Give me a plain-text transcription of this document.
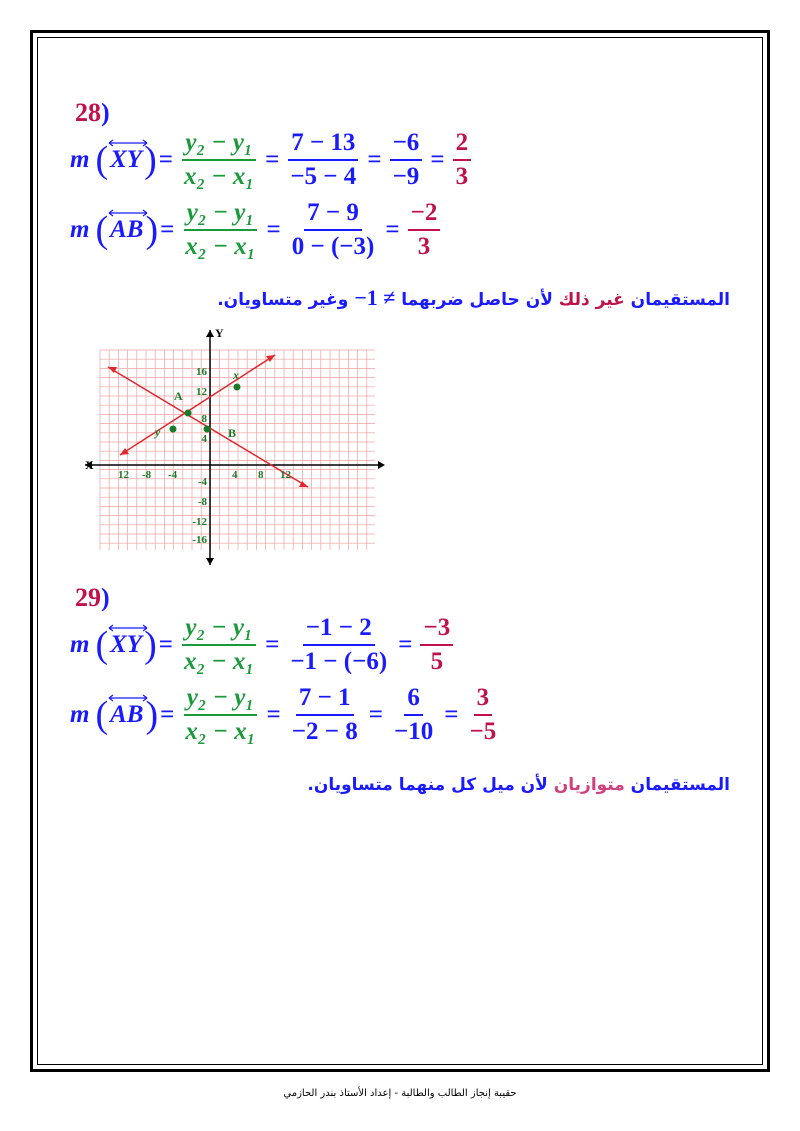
28)
m ( XY ) = $\frac{\text{y₂ − y₁}}{\text{x₂ − x₁}} = \frac{7 - 13}{-5 - 4} = \frac{-6}{-9} = \frac{2}{3}$
m ( AB ) = $\frac{\text{y₂ − y₁}}{\text{x₂ − x₁}} = \frac{7 - 9}{0 - (-3)} = \frac{-2}{3}$
المستقيمان غير ذلك لأن حاصل ضربهما −1 ≠ وغير متساويان.
A
B
x
y
X
Y
12 -8 -4	4 8 12
16
12
8
4
-4
-8
-12
-16
29)
m ( XY ) = $\frac{\text{y₂ − y₁}}{\text{x₂ − x₁}} = \frac{-1 - 2}{-1 - (-6)} = \frac{-3}{5}$
m ( AB ) = $\frac{\text{y₂ − y₁}}{\text{x₂ − x₁}} = \frac{7 - 1}{-2 - 8} = \frac{6}{-10} = \frac{3}{-5}$
المستقيمان متوازيان لأن ميل كل منهما متساويان.
حقيبة إنجاز الطالب والطالبة - إعداد الأستاذ بندر الحازمي
